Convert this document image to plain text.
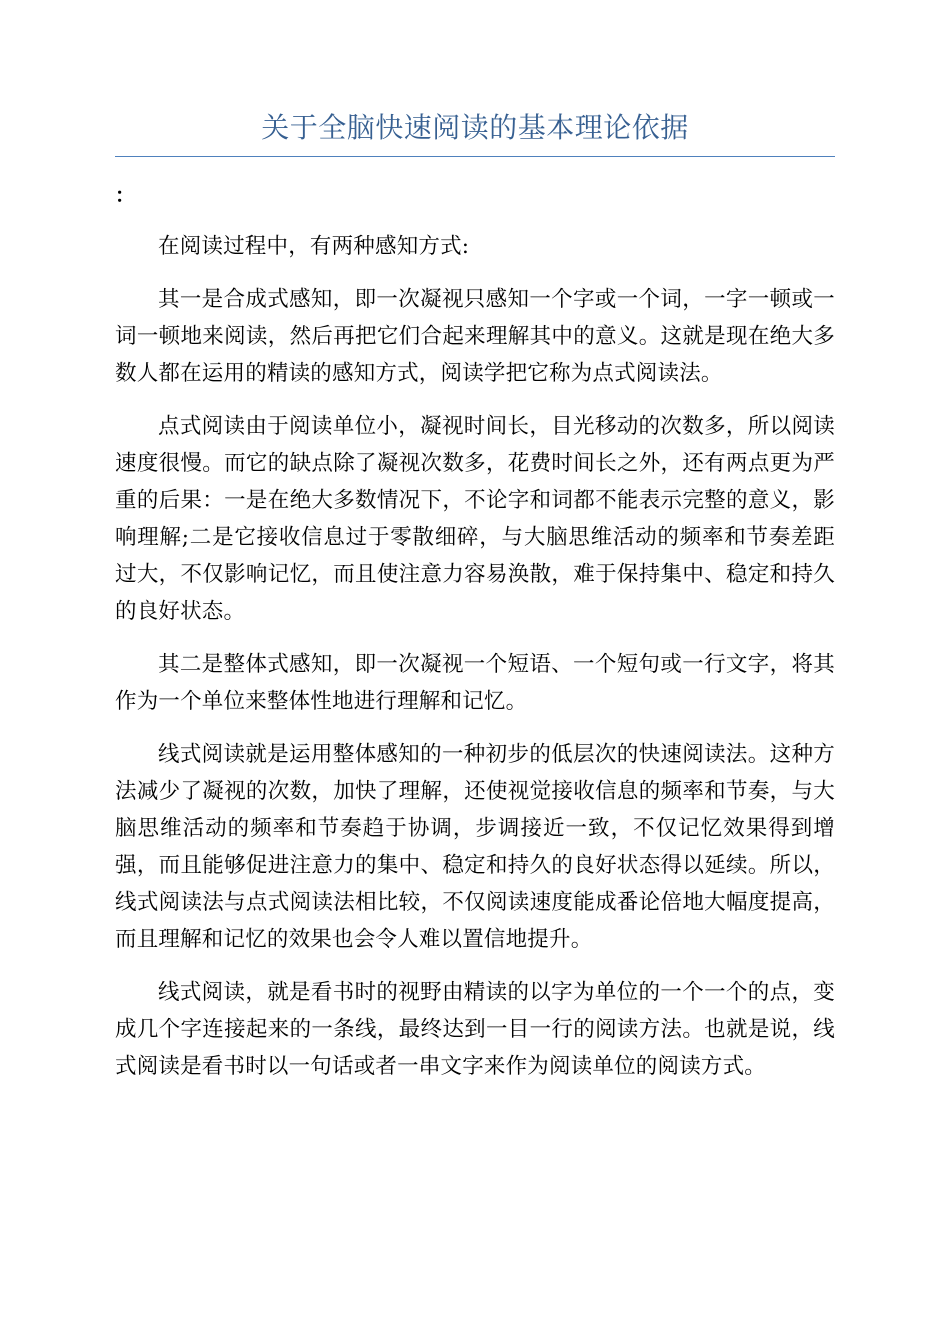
关于全脑快速阅读的基本理论依据
：

在阅读过程中，有两种感知方式:

其一是合成式感知，即一次凝视只感知一个字或一个词，一字一顿或一词一顿地来阅读，然后再把它们合起来理解其中的意义。这就是现在绝大多数人都在运用的精读的感知方式，阅读学把它称为点式阅读法。

点式阅读由于阅读单位小，凝视时间长，目光移动的次数多，所以阅读速度很慢。而它的缺点除了凝视次数多，花费时间长之外，还有两点更为严重的后果：一是在绝大多数情况下，不论字和词都不能表示完整的意义，影响理解;二是它接收信息过于零散细碎，与大脑思维活动的频率和节奏差距过大，不仅影响记忆，而且使注意力容易涣散，难于保持集中、稳定和持久的良好状态。

其二是整体式感知，即一次凝视一个短语、一个短句或一行文字，将其作为一个单位来整体性地进行理解和记忆。

线式阅读就是运用整体感知的一种初步的低层次的快速阅读法。这种方法减少了凝视的次数，加快了理解，还使视觉接收信息的频率和节奏，与大脑思维活动的频率和节奏趋于协调，步调接近一致，不仅记忆效果得到增强，而且能够促进注意力的集中、稳定和持久的良好状态得以延续。所以，线式阅读法与点式阅读法相比较，不仅阅读速度能成番论倍地大幅度提高，而且理解和记忆的效果也会令人难以置信地提升。

线式阅读，就是看书时的视野由精读的以字为单位的一个一个的点，变成几个字连接起来的一条线，最终达到一目一行的阅读方法。也就是说，线式阅读是看书时以一句话或者一串文字来作为阅读单位的阅读方式。
